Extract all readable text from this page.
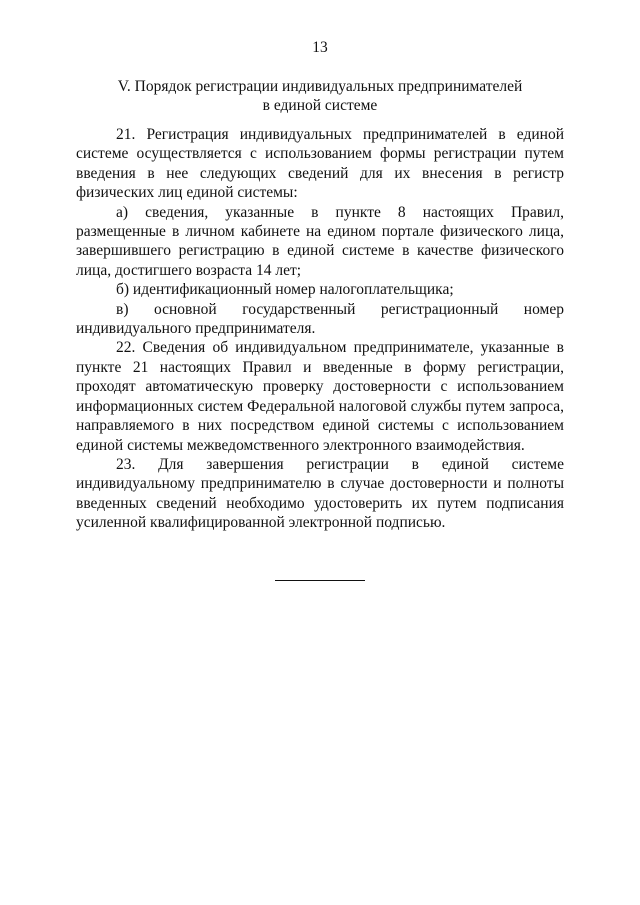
13
V. Порядок регистрации индивидуальных предпринимателей
в единой системе

21. Регистрация индивидуальных предпринимателей в единой системе осуществляется с использованием формы регистрации путем введения в нее следующих сведений для их внесения в регистр физических лиц единой системы:

а) сведения, указанные в пункте 8 настоящих Правил, размещенные в личном кабинете на едином портале физического лица, завершившего регистрацию в единой системе в качестве физического лица, достигшего возраста 14 лет;

б) идентификационный номер налогоплательщика;

в) основной государственный регистрационный номер индивидуального предпринимателя.

22. Сведения об индивидуальном предпринимателе, указанные в пункте 21 настоящих Правил и введенные в форму регистрации, проходят автоматическую проверку достоверности с использованием информационных систем Федеральной налоговой службы путем запроса, направляемого в них посредством единой системы с использованием единой системы межведомственного электронного взаимодействия.

23. Для завершения регистрации в единой системе индивидуальному предпринимателю в случае достоверности и полноты введенных сведений необходимо удостоверить их путем подписания усиленной квалифицированной электронной подписью.
